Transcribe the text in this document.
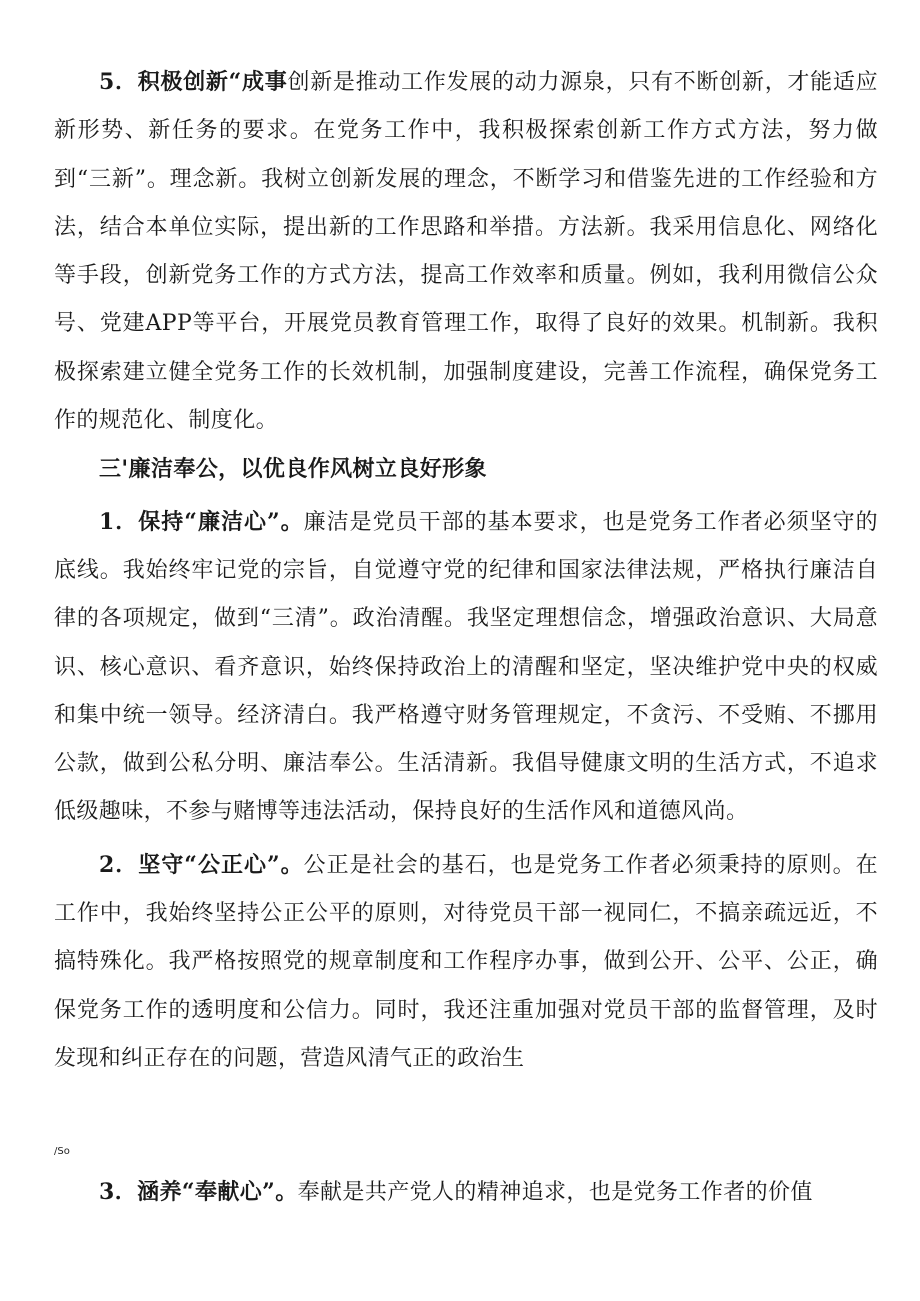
5．积极创新“成事创新是推动工作发展的动力源泉，只有不断创新，才能适应新形势、新任务的要求。在党务工作中，我积极探索创新工作方式方法，努力做到“三新”。理念新。我树立创新发展的理念，不断学习和借鉴先进的工作经验和方法，结合本单位实际，提出新的工作思路和举措。方法新。我采用信息化、网络化等手段，创新党务工作的方式方法，提高工作效率和质量。例如，我利用微信公众号、党建APP等平台，开展党员教育管理工作，取得了良好的效果。机制新。我积极探索建立健全党务工作的长效机制，加强制度建设，完善工作流程，确保党务工作的规范化、制度化。

三'廉洁奉公，以优良作风树立良好形象

1．保持“廉洁心”。廉洁是党员干部的基本要求，也是党务工作者必须坚守的底线。我始终牢记党的宗旨，自觉遵守党的纪律和国家法律法规，严格执行廉洁自律的各项规定，做到“三清”。政治清醒。我坚定理想信念，增强政治意识、大局意识、核心意识、看齐意识，始终保持政治上的清醒和坚定，坚决维护党中央的权威和集中统一领导。经济清白。我严格遵守财务管理规定，不贪污、不受贿、不挪用公款，做到公私分明、廉洁奉公。生活清新。我倡导健康文明的生活方式，不追求低级趣味，不参与赌博等违法活动，保持良好的生活作风和道德风尚。

2．坚守“公正心”。公正是社会的基石，也是党务工作者必须秉持的原则。在工作中，我始终坚持公正公平的原则，对待党员干部一视同仁，不搞亲疏远近，不搞特殊化。我严格按照党的规章制度和工作程序办事，做到公开、公平、公正，确保党务工作的透明度和公信力。同时，我还注重加强对党员干部的监督管理，及时发现和纠正存在的问题，营造风清气正的政治生

/So

3．涵养“奉献心”。奉献是共产党人的精神追求，也是党务工作者的价值
